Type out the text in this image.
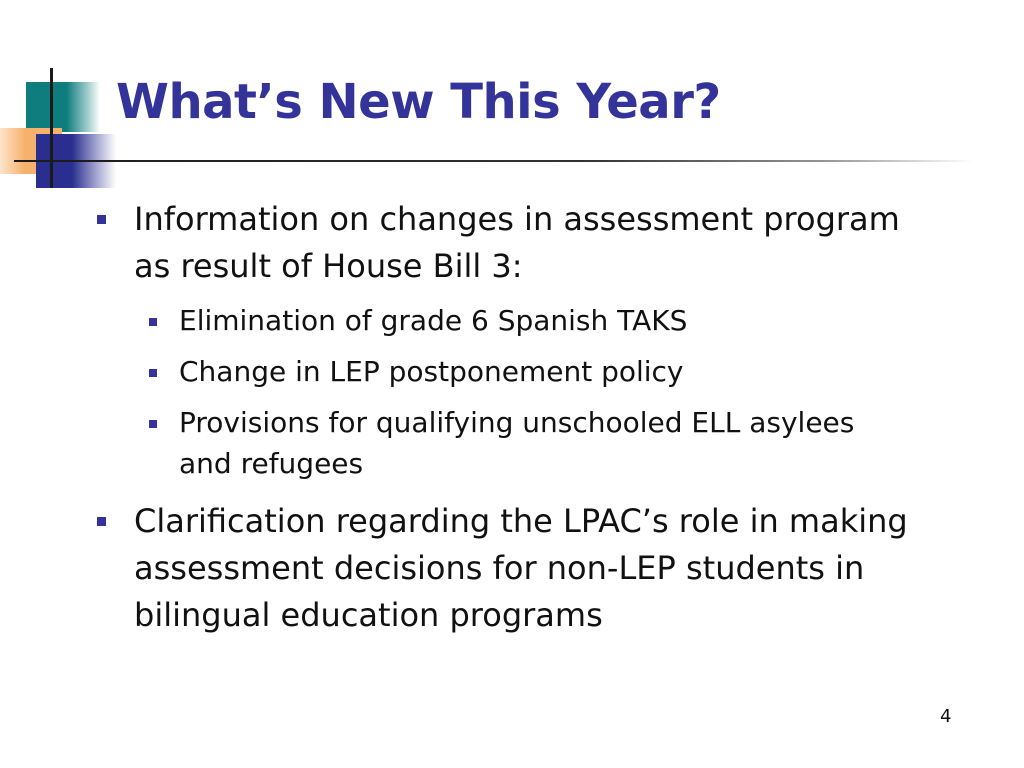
What’s New This Year?
Information on changes in assessment program as result of House Bill 3:
Elimination of grade 6 Spanish TAKS
Change in LEP postponement policy
Provisions for qualifying unschooled ELL asylees and refugees
Clarification regarding the LPAC’s role in making assessment decisions for non-LEP students in bilingual education programs
4
